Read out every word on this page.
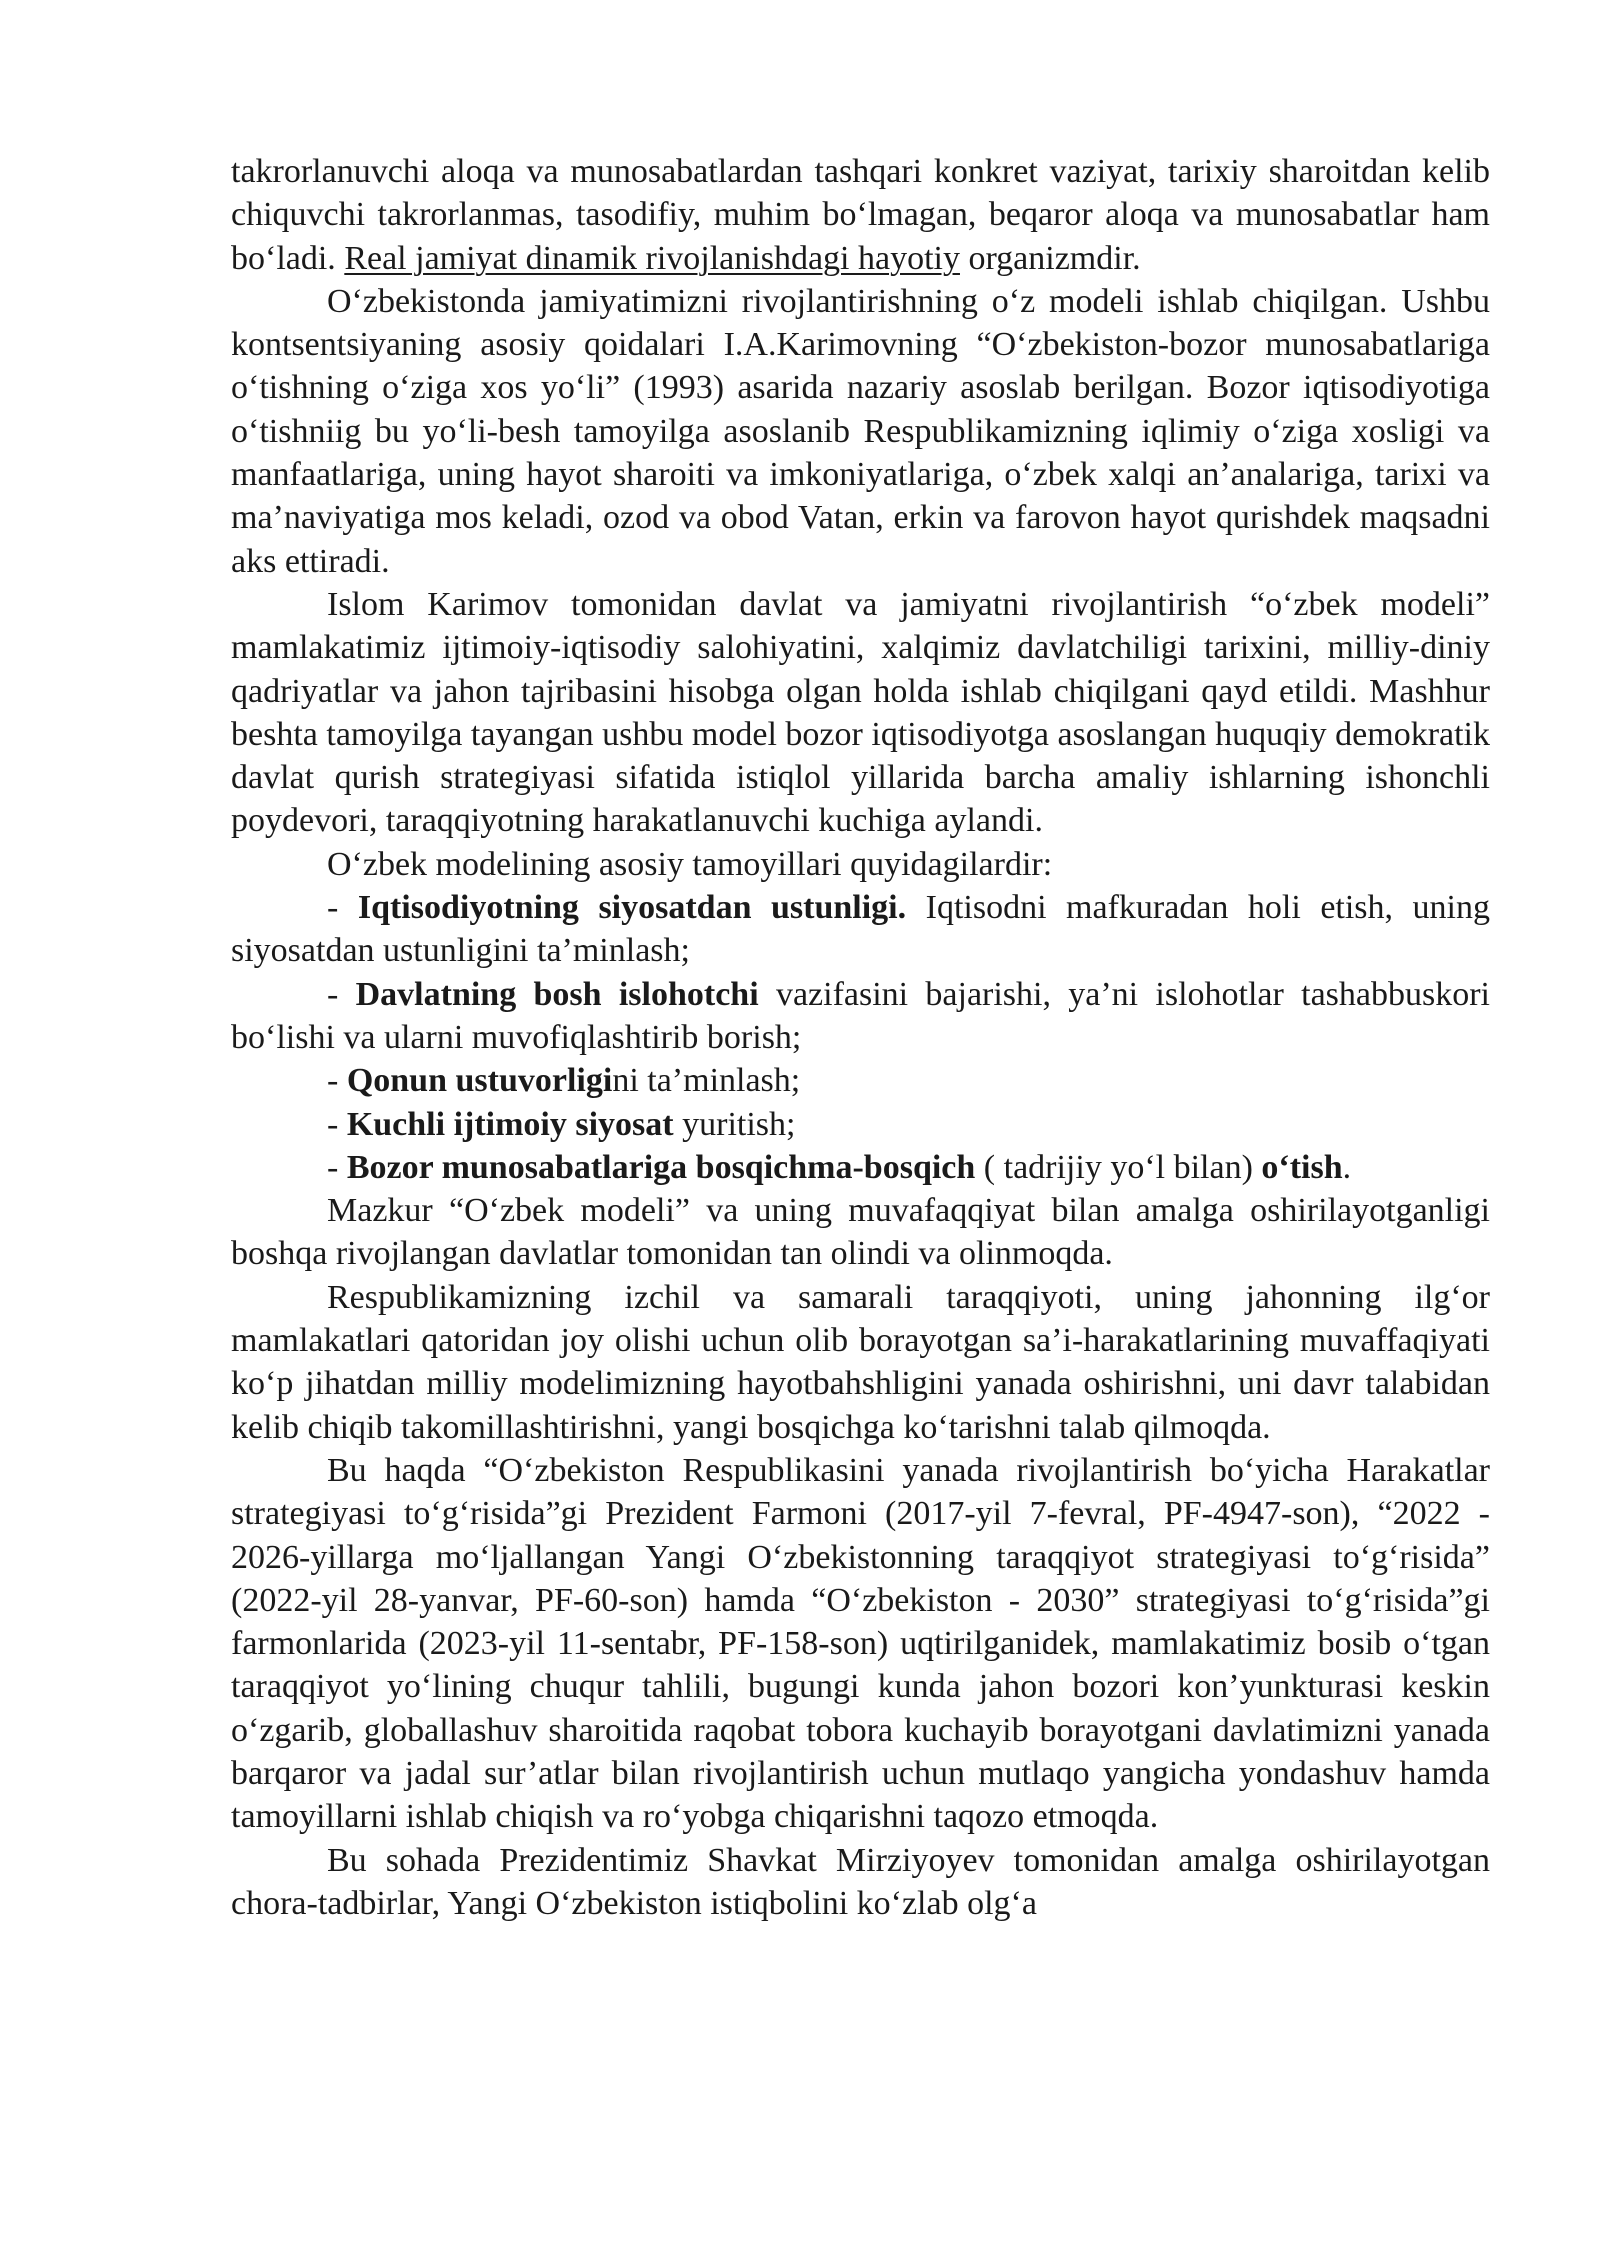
takrorlanuvchi aloqa va munosabatlardan tashqari konkret vaziyat, tarixiy sharoitdan kelib chiquvchi takrorlanmas, tasodifiy, muhim bo‘lmagan, beqaror aloqa va munosabatlar ham bo‘ladi. Real jamiyat dinamik rivojlanishdagi hayotiy organizmdir.

O‘zbekistonda jamiyatimizni rivojlantirishning o‘z modeli ishlab chiqilgan. Ushbu kontsentsiyaning asosiy qoidalari I.A.Karimovning “O‘zbekiston-bozor munosabatlariga o‘tishning o‘ziga xos yo‘li” (1993) asarida nazariy asoslab berilgan. Bozor iqtisodiyotiga o‘tishniig bu yo‘li-besh tamoyilga asoslanib Respublikamizning iqlimiy o‘ziga xosligi va manfaatlariga, uning hayot sharoiti va imkoniyatlariga, o‘zbek xalqi an’analariga, tarixi va ma’naviyatiga mos keladi, ozod va obod Vatan, erkin va farovon hayot qurishdek maqsadni aks ettiradi.

Islom Karimov tomonidan davlat va jamiyatni rivojlantirish “o‘zbek modeli” mamlakatimiz ijtimoiy-iqtisodiy salohiyatini, xalqimiz davlatchiligi tarixini, milliy-diniy qadriyatlar va jahon tajribasini hisobga olgan holda ishlab chiqilgani qayd etildi. Mashhur beshta tamoyilga tayangan ushbu model bozor iqtisodiyotga asoslangan huquqiy demokratik davlat qurish strategiyasi sifatida istiqlol yillarida barcha amaliy ishlarning ishonchli poydevori, taraqqiyotning harakatlanuvchi kuchiga aylandi.

O‘zbek modelining asosiy tamoyillari quyidagilardir:

- Iqtisodiyotning siyosatdan ustunligi. Iqtisodni mafkuradan holi etish, uning siyosatdan ustunligini ta’minlash;

- Davlatning bosh islohotchi vazifasini bajarishi, ya’ni islohotlar tashabbuskori bo‘lishi va ularni muvofiqlashtirib borish;

- Qonun ustuvorligini ta’minlash;

- Kuchli ijtimoiy siyosat yuritish;

- Bozor munosabatlariga bosqichma-bosqich ( tadrijiy yo‘l bilan) o‘tish.

Mazkur “O‘zbek modeli” va uning muvafaqqiyat bilan amalga oshirilayotganligi boshqa rivojlangan davlatlar tomonidan tan olindi va olinmoqda.

Respublikamizning izchil va samarali taraqqiyoti, uning jahonning ilg‘or mamlakatlari qatoridan joy olishi uchun olib borayotgan sa’i-harakatlarining muvaffaqiyati ko‘p jihatdan milliy modelimizning hayotbahshligini yanada oshirishni, uni davr talabidan kelib chiqib takomillashtirishni, yangi bosqichga ko‘tarishni talab qilmoqda.

Bu haqda “O‘zbekiston Respublikasini yanada rivojlantirish bo‘yicha Harakatlar strategiyasi to‘g‘risida”gi Prezident Farmoni (2017-yil 7-fevral, PF-4947-son), “2022 - 2026-yillarga mo‘ljallangan Yangi O‘zbekistonning taraqqiyot strategiyasi to‘g‘risida” (2022-yil 28-yanvar, PF-60-son) hamda “O‘zbekiston - 2030” strategiyasi to‘g‘risida”gi farmonlarida (2023-yil 11-sentabr, PF-158-son) uqtirilganidek, mamlakatimiz bosib o‘tgan taraqqiyot yo‘lining chuqur tahlili, bugungi kunda jahon bozori kon’yunkturasi keskin o‘zgarib, globallashuv sharoitida raqobat tobora kuchayib borayotgani davlatimizni yanada barqaror va jadal sur’atlar bilan rivojlantirish uchun mutlaqo yangicha yondashuv hamda tamoyillarni ishlab chiqish va ro‘yobga chiqarishni taqozo etmoqda.

Bu sohada Prezidentimiz Shavkat Mirziyoyev tomonidan amalga oshirilayotgan chora-tadbirlar, Yangi O‘zbekiston istiqbolini ko‘zlab olg‘a
